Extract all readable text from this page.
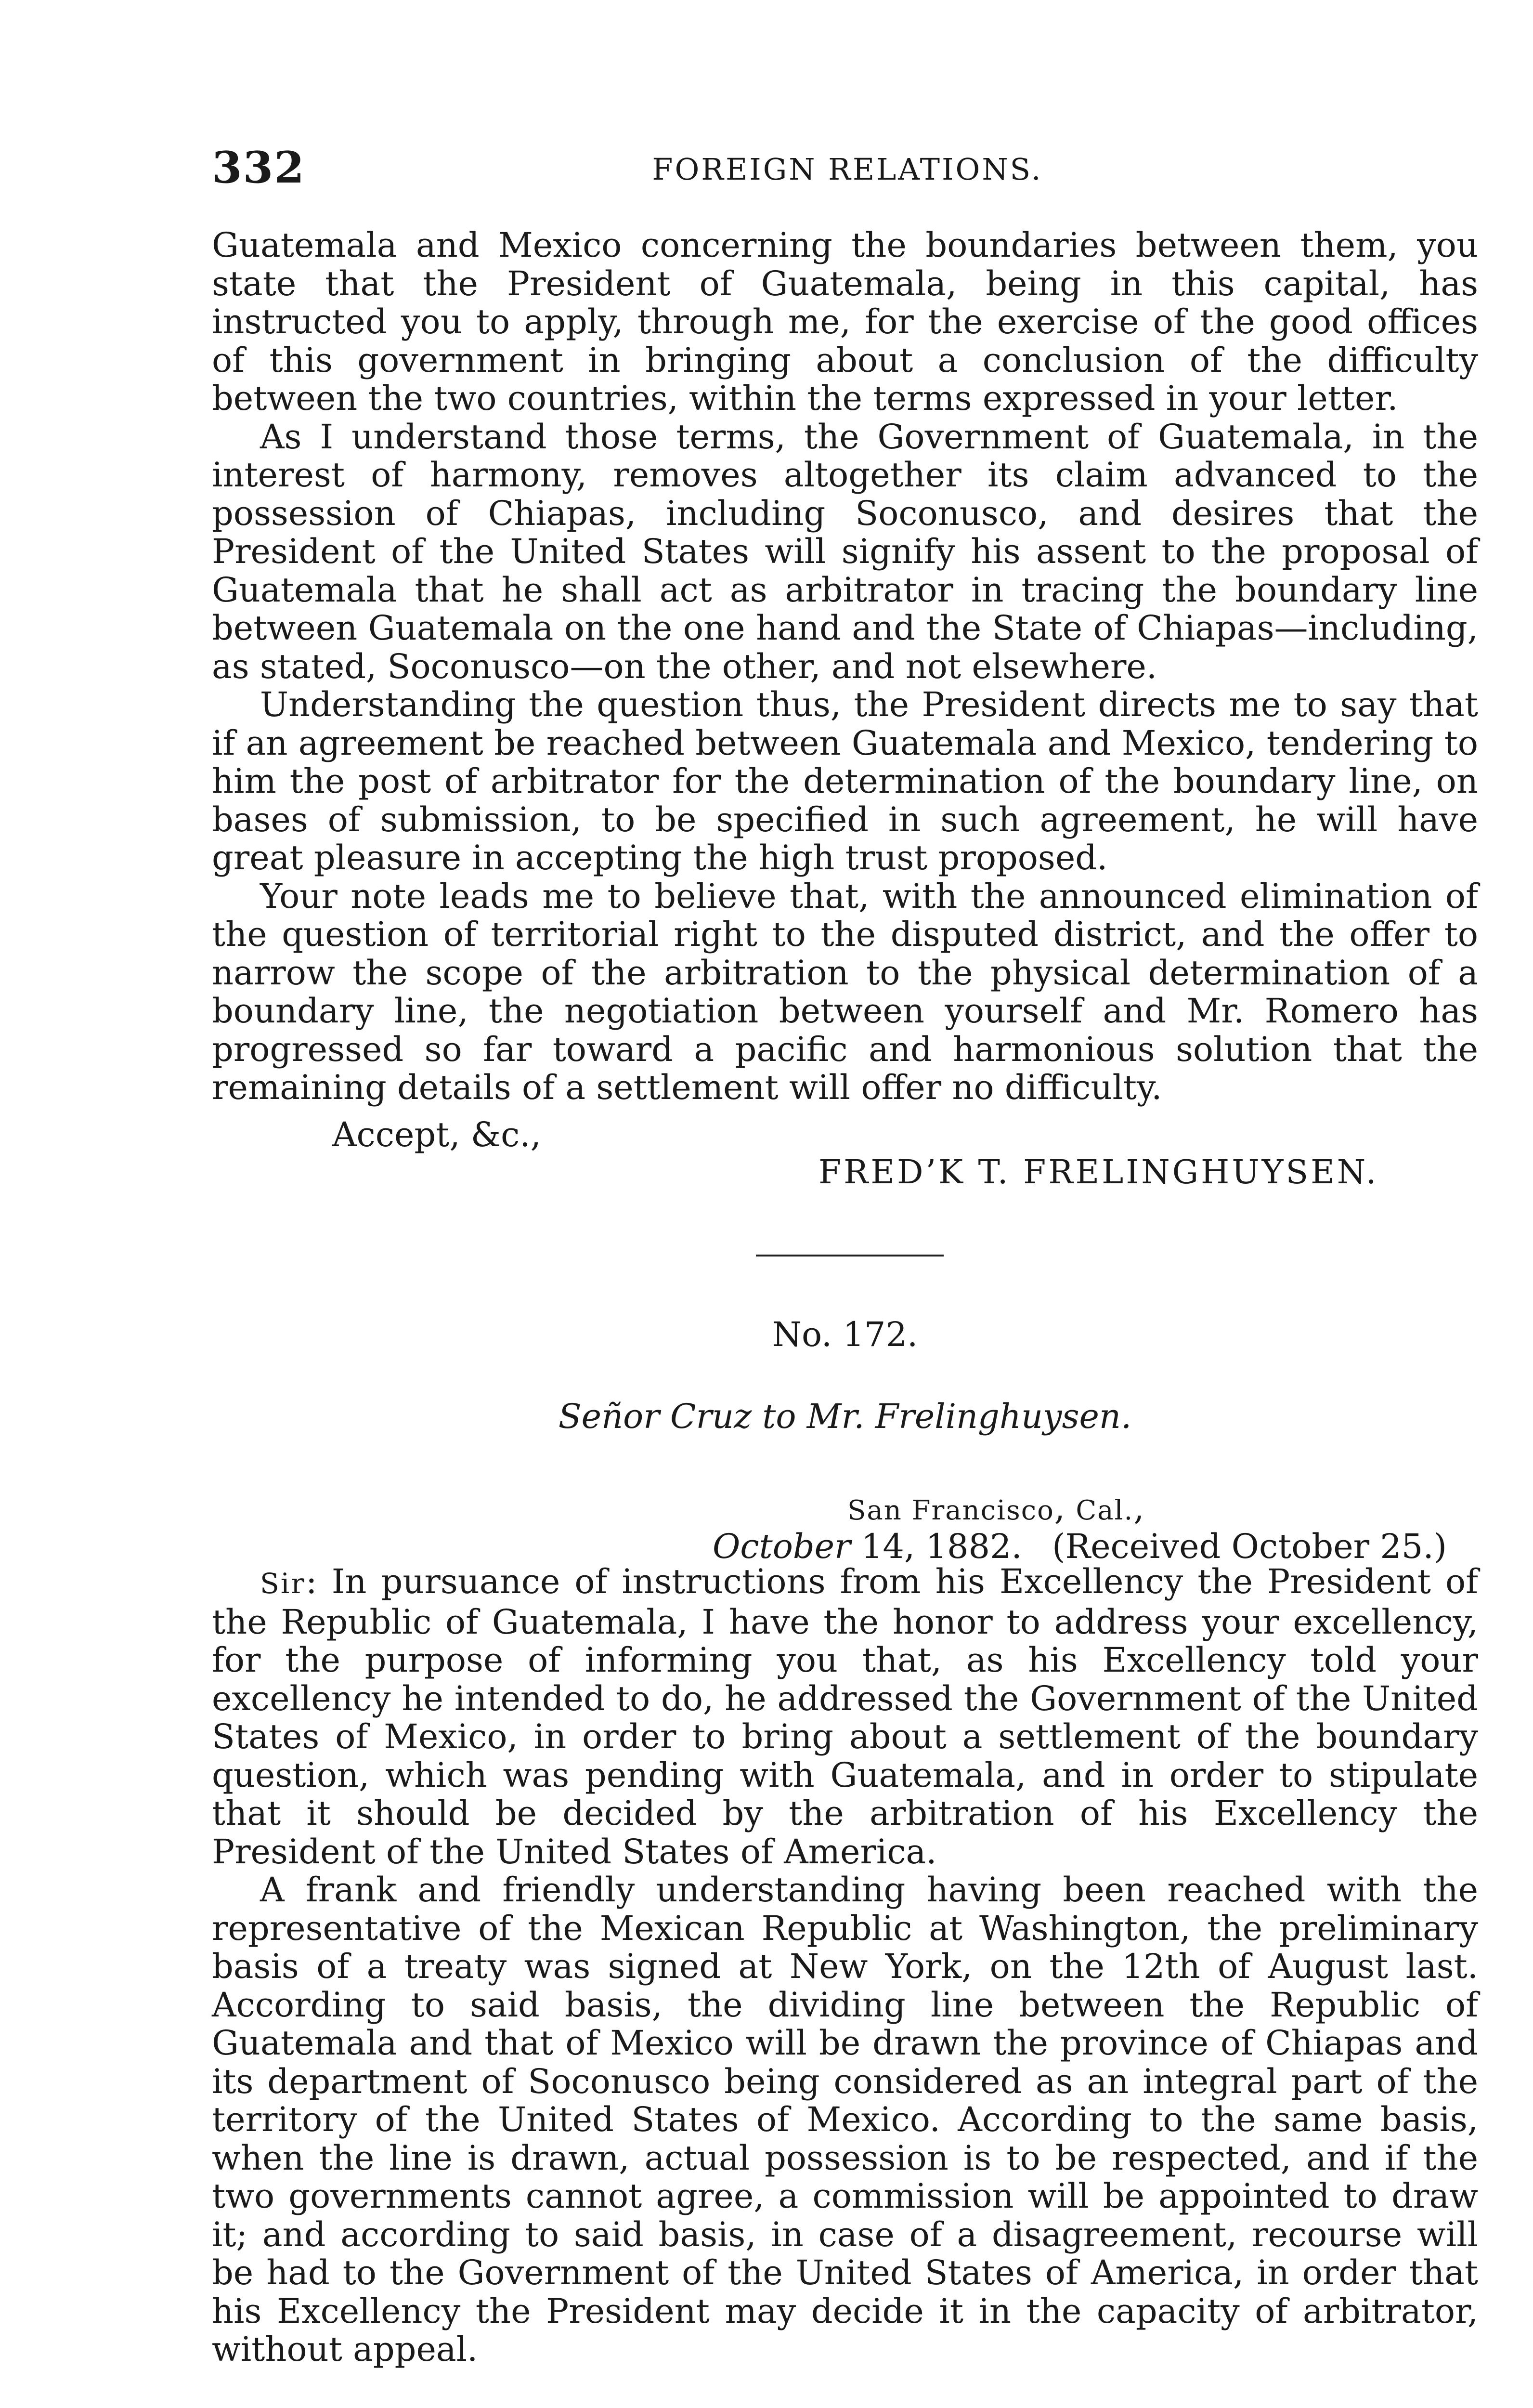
332	FOREIGN RELATIONS.

Guatemala and Mexico concerning the boundaries between them, you state that the President of Guatemala, being in this capital, has instructed you to apply, through me, for the exercise of the good offices of this government in bringing about a conclusion of the difficulty between the two countries, within the terms expressed in your letter.

As I understand those terms, the Government of Guatemala, in the interest of harmony, removes altogether its claim advanced to the possession of Chiapas, including Soconusco, and desires that the President of the United States will signify his assent to the proposal of Guatemala that he shall act as arbitrator in tracing the boundary line between Guatemala on the one hand and the State of Chiapas—including, as stated, Soconusco—on the other, and not elsewhere.

Understanding the question thus, the President directs me to say that if an agreement be reached between Guatemala and Mexico, tendering to him the post of arbitrator for the determination of the boundary line, on bases of submission, to be specified in such agreement, he will have great pleasure in accepting the high trust proposed.

Your note leads me to believe that, with the announced elimination of the question of territorial right to the disputed district, and the offer to narrow the scope of the arbitration to the physical determination of a boundary line, the negotiation between yourself and Mr. Romero has progressed so far toward a pacific and harmonious solution that the remaining details of a settlement will offer no difficulty.

Accept, &c.,
FRED’K T. FRELINGHUYSEN.
No. 172.
Señor Cruz to Mr. Frelinghuysen.
San Francisco, Cal.,
October 14, 1882. (Received October 25.)

Sir: In pursuance of instructions from his Excellency the President of the Republic of Guatemala, I have the honor to address your excellency, for the purpose of informing you that, as his Excellency told your excellency he intended to do, he addressed the Government of the United States of Mexico, in order to bring about a settlement of the boundary question, which was pending with Guatemala, and in order to stipulate that it should be decided by the arbitration of his Excellency the President of the United States of America.

A frank and friendly understanding having been reached with the representative of the Mexican Republic at Washington, the preliminary basis of a treaty was signed at New York, on the 12th of August last. According to said basis, the dividing line between the Republic of Guatemala and that of Mexico will be drawn the province of Chiapas and its department of Soconusco being considered as an integral part of the territory of the United States of Mexico. According to the same basis, when the line is drawn, actual possession is to be respected, and if the two governments cannot agree, a commission will be appointed to draw it; and according to said basis, in case of a disagreement, recourse will be had to the Government of the United States of America, in order that his Excellency the President may decide it in the capacity of arbitrator, without appeal.
